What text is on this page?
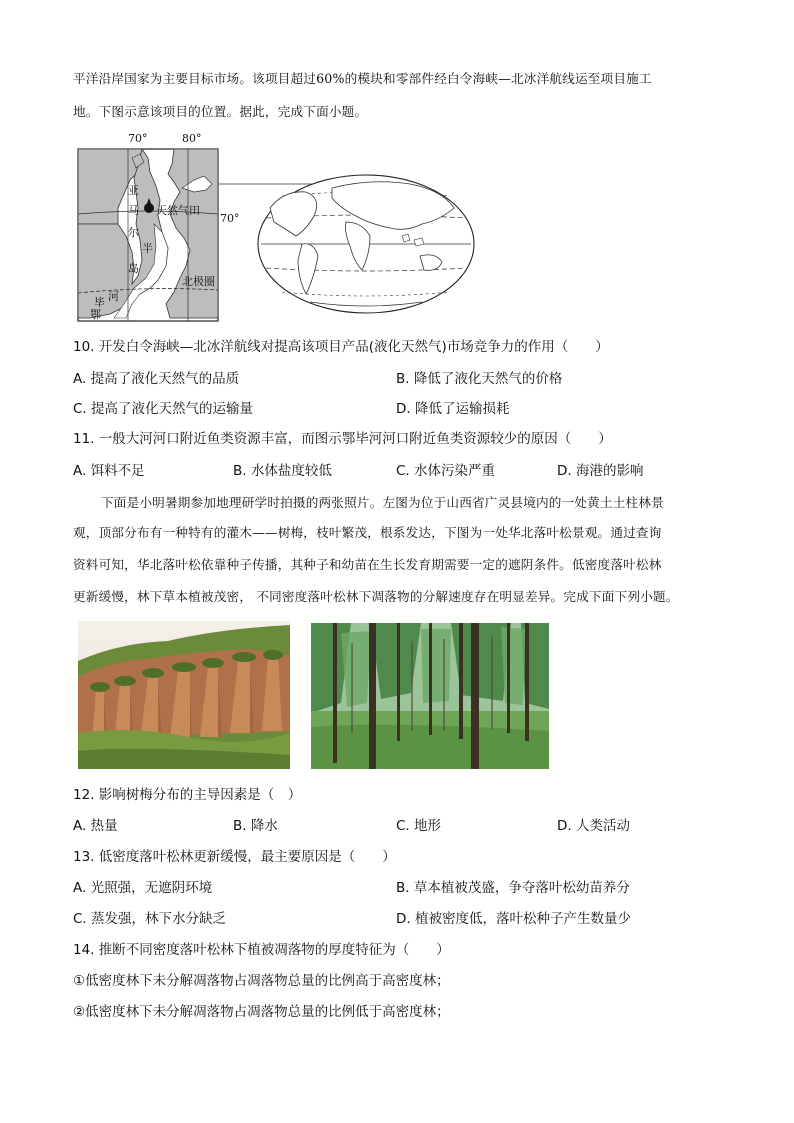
平洋沿岸国家为主要目标市场。该项目超过60%的模块和零部件经白令海峡—北冰洋航线运至项目施工
地。下图示意该项目的位置。据此，完成下面小题。
70°	80°
70°
亚
马
尔
半
岛
天然气田
北极圈
毕 河
鄂
10. 开发白令海峡—北冰洋航线对提高该项目产品(液化天然气)市场竞争力的作用（　　）
A. 提高了液化天然气的品质	B. 降低了液化天然气的价格
C. 提高了液化天然气的运输量	D. 降低了运输损耗
11. 一般大河河口附近鱼类资源丰富，而图示鄂毕河河口附近鱼类资源较少的原因（　　）
A. 饵料不足	B. 水体盐度较低	C. 水体污染严重	D. 海港的影响
下面是小明暑期参加地理研学时拍摄的两张照片。左图为位于山西省广灵县境内的一处黄土土柱林景
观，顶部分布有一种特有的灌木——树梅，枝叶繁茂，根系发达，下图为一处华北落叶松景观。通过查询
资料可知，华北落叶松依靠种子传播，其种子和幼苗在生长发育期需要一定的遮阴条件。低密度落叶松林
更新缓慢，林下草本植被茂密， 不同密度落叶松林下凋落物的分解速度存在明显差异。完成下面下列小题。
12. 影响树梅分布的主导因素是（　）
A. 热量	B. 降水	C. 地形	D. 人类活动
13. 低密度落叶松林更新缓慢，最主要原因是（　　）
A. 光照强，无遮阴环境	B. 草本植被茂盛，争夺落叶松幼苗养分
C. 蒸发强，林下水分缺乏	D. 植被密度低，落叶松种子产生数量少
14. 推断不同密度落叶松林下植被凋落物的厚度特征为（　　）
①低密度林下未分解凋落物占凋落物总量的比例高于高密度林；
②低密度林下未分解凋落物占凋落物总量的比例低于高密度林；
